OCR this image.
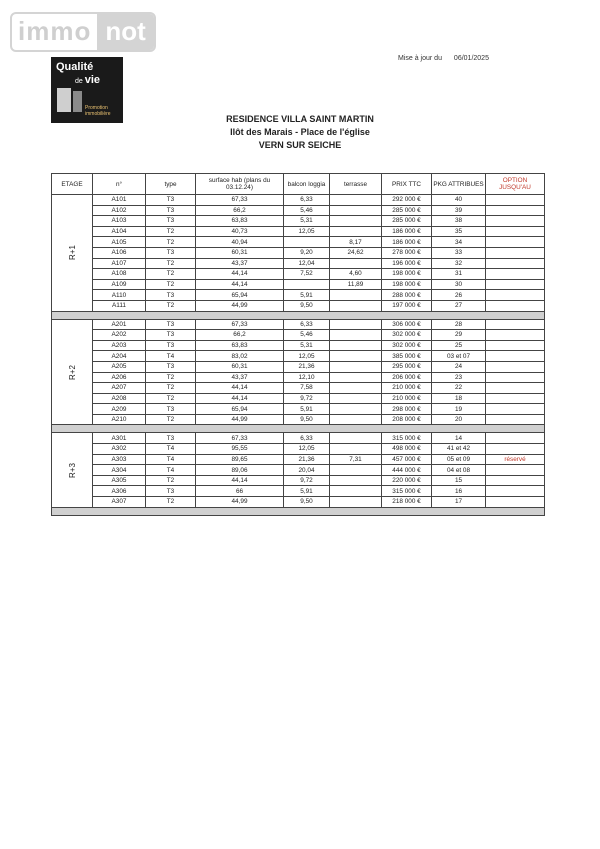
immo not
Qualité
de vie
Promotion immobilière
Mise à jour du 06/01/2025
RESIDENCE VILLA SAINT MARTIN
Ilôt des Marais - Place de l'église
VERN SUR SEICHE
ETAGE	n°	type	surface hab (plans du 03.12.24)	balcon loggia	terrasse	PRIX TTC	PKG ATTRIBUES	OPTION JUSQU'AU
R+1	A101	T3	67,33	6,33		292 000 €	40	
	A102	T3	66,2	5,46		285 000 €	39	
	A103	T3	63,83	5,31		285 000 €	38	
	A104	T2	40,73	12,05		186 000 €	35	
	A105	T2	40,94		8,17	186 000 €	34	
	A106	T3	60,31	9,20	24,62	278 000 €	33	
	A107	T2	43,37	12,04		196 000 €	32	
	A108	T2	44,14	7,52	4,60	198 000 €	31	
	A109	T2	44,14		11,89	198 000 €	30	
	A110	T3	65,94	5,91		288 000 €	26	
	A111	T2	44,99	9,50		197 000 €	27	

R+2	A201	T3	67,33	6,33		306 000 €	28	
	A202	T3	66,2	5,46		302 000 €	29	
	A203	T3	63,83	5,31		302 000 €	25	
	A204	T4	83,02	12,05		385 000 €	03 et 07	
	A205	T3	60,31	21,36		295 000 €	24	
	A206	T2	43,37	12,10		206 000 €	23	
	A207	T2	44,14	7,58		210 000 €	22	
	A208	T2	44,14	9,72		210 000 €	18	
	A209	T3	65,94	5,91		298 000 €	19	
	A210	T2	44,99	9,50		208 000 €	20	

R+3	A301	T3	67,33	6,33		315 000 €	14	
	A302	T4	95,55	12,05		498 000 €	41 et 42	
	A303	T4	89,65	21,36	7,31	457 000 €	05 et 09	réservé
	A304	T4	89,06	20,04		444 000 €	04 et 08	
	A305	T2	44,14	9,72		220 000 €	15	
	A306	T3	66	5,91		315 000 €	16	
	A307	T2	44,99	9,50		218 000 €	17	
